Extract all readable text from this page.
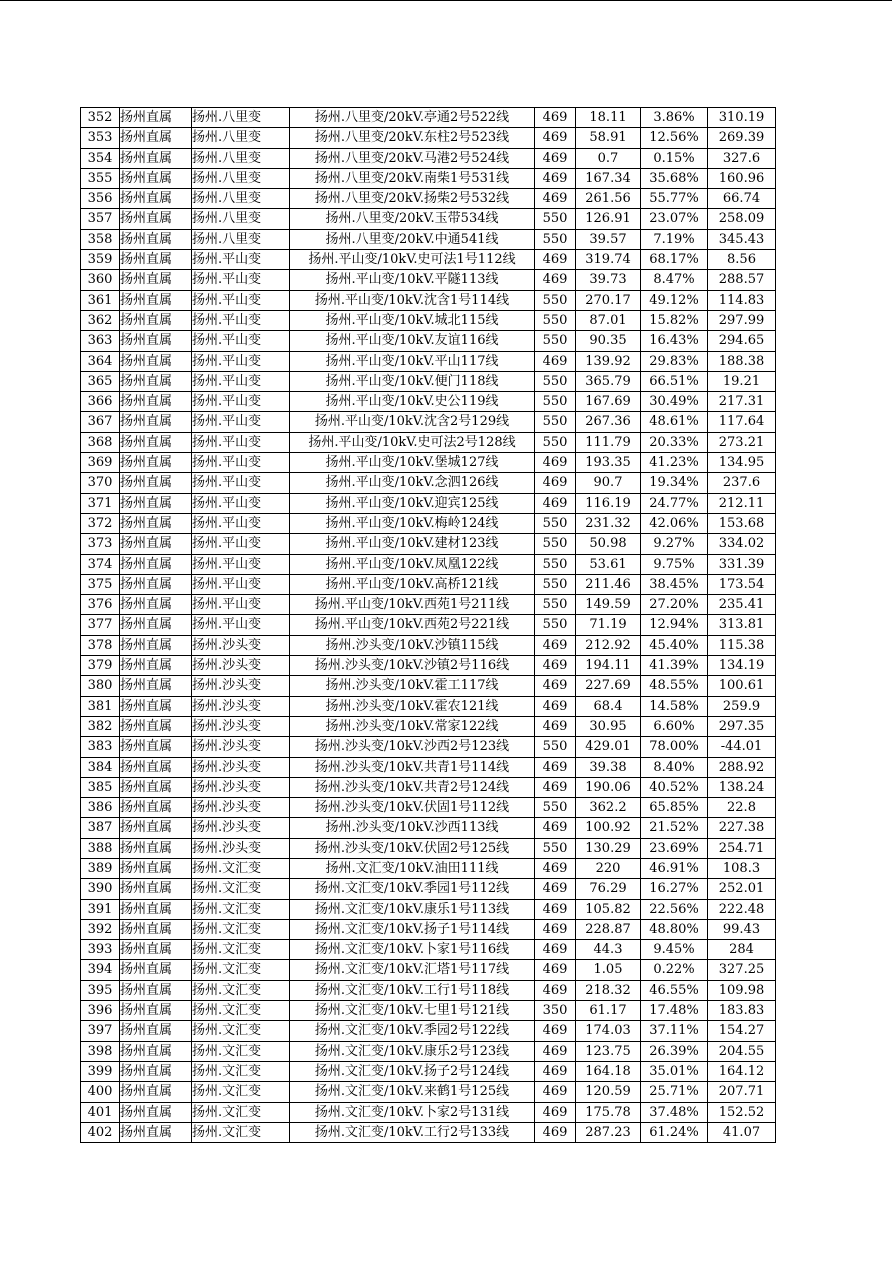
352	扬州直属	扬州.八里变	扬州.八里变/20kV.亭通2号522线	469	18.11	3.86%	310.19
353	扬州直属	扬州.八里变	扬州.八里变/20kV.东柱2号523线	469	58.91	12.56%	269.39
354	扬州直属	扬州.八里变	扬州.八里变/20kV.马港2号524线	469	0.7	0.15%	327.6
355	扬州直属	扬州.八里变	扬州.八里变/20kV.南柴1号531线	469	167.34	35.68%	160.96
356	扬州直属	扬州.八里变	扬州.八里变/20kV.扬柴2号532线	469	261.56	55.77%	66.74
357	扬州直属	扬州.八里变	扬州.八里变/20kV.玉带534线	550	126.91	23.07%	258.09
358	扬州直属	扬州.八里变	扬州.八里变/20kV.中通541线	550	39.57	7.19%	345.43
359	扬州直属	扬州.平山变	扬州.平山变/10kV.史可法1号112线	469	319.74	68.17%	8.56
360	扬州直属	扬州.平山变	扬州.平山变/10kV.平隧113线	469	39.73	8.47%	288.57
361	扬州直属	扬州.平山变	扬州.平山变/10kV.沈含1号114线	550	270.17	49.12%	114.83
362	扬州直属	扬州.平山变	扬州.平山变/10kV.城北115线	550	87.01	15.82%	297.99
363	扬州直属	扬州.平山变	扬州.平山变/10kV.友谊116线	550	90.35	16.43%	294.65
364	扬州直属	扬州.平山变	扬州.平山变/10kV.平山117线	469	139.92	29.83%	188.38
365	扬州直属	扬州.平山变	扬州.平山变/10kV.便门118线	550	365.79	66.51%	19.21
366	扬州直属	扬州.平山变	扬州.平山变/10kV.史公119线	550	167.69	30.49%	217.31
367	扬州直属	扬州.平山变	扬州.平山变/10kV.沈含2号129线	550	267.36	48.61%	117.64
368	扬州直属	扬州.平山变	扬州.平山变/10kV.史可法2号128线	550	111.79	20.33%	273.21
369	扬州直属	扬州.平山变	扬州.平山变/10kV.堡城127线	469	193.35	41.23%	134.95
370	扬州直属	扬州.平山变	扬州.平山变/10kV.念泗126线	469	90.7	19.34%	237.6
371	扬州直属	扬州.平山变	扬州.平山变/10kV.迎宾125线	469	116.19	24.77%	212.11
372	扬州直属	扬州.平山变	扬州.平山变/10kV.梅岭124线	550	231.32	42.06%	153.68
373	扬州直属	扬州.平山变	扬州.平山变/10kV.建材123线	550	50.98	9.27%	334.02
374	扬州直属	扬州.平山变	扬州.平山变/10kV.凤凰122线	550	53.61	9.75%	331.39
375	扬州直属	扬州.平山变	扬州.平山变/10kV.高桥121线	550	211.46	38.45%	173.54
376	扬州直属	扬州.平山变	扬州.平山变/10kV.西苑1号211线	550	149.59	27.20%	235.41
377	扬州直属	扬州.平山变	扬州.平山变/10kV.西苑2号221线	550	71.19	12.94%	313.81
378	扬州直属	扬州.沙头变	扬州.沙头变/10kV.沙镇115线	469	212.92	45.40%	115.38
379	扬州直属	扬州.沙头变	扬州.沙头变/10kV.沙镇2号116线	469	194.11	41.39%	134.19
380	扬州直属	扬州.沙头变	扬州.沙头变/10kV.霍工117线	469	227.69	48.55%	100.61
381	扬州直属	扬州.沙头变	扬州.沙头变/10kV.霍农121线	469	68.4	14.58%	259.9
382	扬州直属	扬州.沙头变	扬州.沙头变/10kV.常家122线	469	30.95	6.60%	297.35
383	扬州直属	扬州.沙头变	扬州.沙头变/10kV.沙西2号123线	550	429.01	78.00%	-44.01
384	扬州直属	扬州.沙头变	扬州.沙头变/10kV.共青1号114线	469	39.38	8.40%	288.92
385	扬州直属	扬州.沙头变	扬州.沙头变/10kV.共青2号124线	469	190.06	40.52%	138.24
386	扬州直属	扬州.沙头变	扬州.沙头变/10kV.伏固1号112线	550	362.2	65.85%	22.8
387	扬州直属	扬州.沙头变	扬州.沙头变/10kV.沙西113线	469	100.92	21.52%	227.38
388	扬州直属	扬州.沙头变	扬州.沙头变/10kV.伏固2号125线	550	130.29	23.69%	254.71
389	扬州直属	扬州.文汇变	扬州.文汇变/10kV.油田111线	469	220	46.91%	108.3
390	扬州直属	扬州.文汇变	扬州.文汇变/10kV.季园1号112线	469	76.29	16.27%	252.01
391	扬州直属	扬州.文汇变	扬州.文汇变/10kV.康乐1号113线	469	105.82	22.56%	222.48
392	扬州直属	扬州.文汇变	扬州.文汇变/10kV.扬子1号114线	469	228.87	48.80%	99.43
393	扬州直属	扬州.文汇变	扬州.文汇变/10kV.卜家1号116线	469	44.3	9.45%	284
394	扬州直属	扬州.文汇变	扬州.文汇变/10kV.汇塔1号117线	469	1.05	0.22%	327.25
395	扬州直属	扬州.文汇变	扬州.文汇变/10kV.工行1号118线	469	218.32	46.55%	109.98
396	扬州直属	扬州.文汇变	扬州.文汇变/10kV.七里1号121线	350	61.17	17.48%	183.83
397	扬州直属	扬州.文汇变	扬州.文汇变/10kV.季园2号122线	469	174.03	37.11%	154.27
398	扬州直属	扬州.文汇变	扬州.文汇变/10kV.康乐2号123线	469	123.75	26.39%	204.55
399	扬州直属	扬州.文汇变	扬州.文汇变/10kV.扬子2号124线	469	164.18	35.01%	164.12
400	扬州直属	扬州.文汇变	扬州.文汇变/10kV.来鹤1号125线	469	120.59	25.71%	207.71
401	扬州直属	扬州.文汇变	扬州.文汇变/10kV.卜家2号131线	469	175.78	37.48%	152.52
402	扬州直属	扬州.文汇变	扬州.文汇变/10kV.工行2号133线	469	287.23	61.24%	41.07
